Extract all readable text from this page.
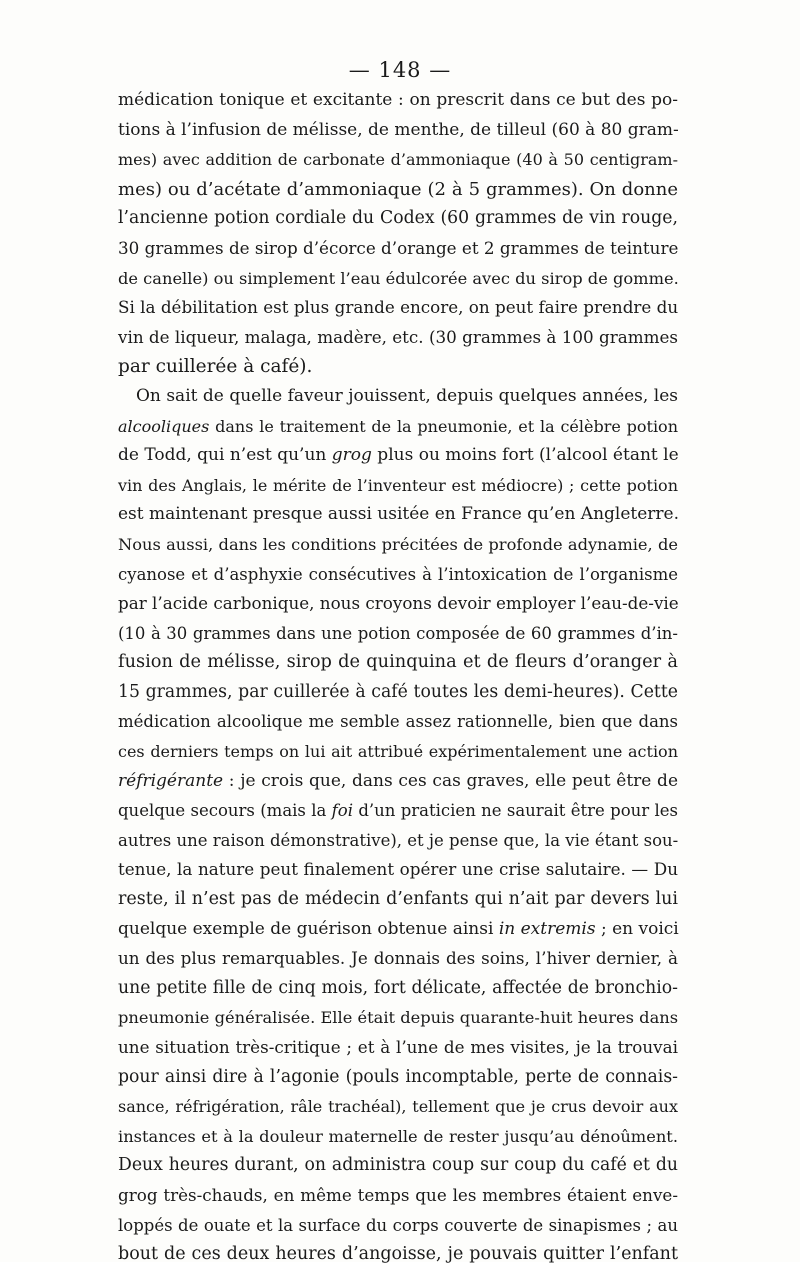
— 148 —
médication tonique et excitante : on prescrit dans ce but des po-
tions à l’infusion de mélisse, de menthe, de tilleul (60 à 80 gram-
mes) avec addition de carbonate d’ammoniaque (40 à 50 centigram-
mes) ou d’acétate d’ammoniaque (2 à 5 grammes). On donne
l’ancienne potion cordiale du Codex (60 grammes de vin rouge,
30 grammes de sirop d’écorce d’orange et 2 grammes de teinture
de canelle) ou simplement l’eau édulcorée avec du sirop de gomme.
Si la débilitation est plus grande encore, on peut faire prendre du
vin de liqueur, malaga, madère, etc. (30 grammes à 100 grammes
par cuillerée à café).
On sait de quelle faveur jouissent, depuis quelques années, les
alcooliques dans le traitement de la pneumonie, et la célèbre potion
de Todd, qui n’est qu’un grog plus ou moins fort (l’alcool étant le
vin des Anglais, le mérite de l’inventeur est médiocre) ; cette potion
est maintenant presque aussi usitée en France qu’en Angleterre.
Nous aussi, dans les conditions précitées de profonde adynamie, de
cyanose et d’asphyxie consécutives à l’intoxication de l’organisme
par l’acide carbonique, nous croyons devoir employer l’eau-de-vie
(10 à 30 grammes dans une potion composée de 60 grammes d’in-
fusion de mélisse, sirop de quinquina et de fleurs d’oranger à
15 grammes, par cuillerée à café toutes les demi-heures). Cette
médication alcoolique me semble assez rationnelle, bien que dans
ces derniers temps on lui ait attribué expérimentalement une action
réfrigérante : je crois que, dans ces cas graves, elle peut être de
quelque secours (mais la foi d’un praticien ne saurait être pour les
autres une raison démonstrative), et je pense que, la vie étant sou-
tenue, la nature peut finalement opérer une crise salutaire. — Du
reste, il n’est pas de médecin d’enfants qui n’ait par devers lui
quelque exemple de guérison obtenue ainsi in extremis ; en voici
un des plus remarquables. Je donnais des soins, l’hiver dernier, à
une petite fille de cinq mois, fort délicate, affectée de bronchio-
pneumonie généralisée. Elle était depuis quarante-huit heures dans
une situation très-critique ; et à l’une de mes visites, je la trouvai
pour ainsi dire à l’agonie (pouls incomptable, perte de connais-
sance, réfrigération, râle trachéal), tellement que je crus devoir aux
instances et à la douleur maternelle de rester jusqu’au dénoûment.
Deux heures durant, on administra coup sur coup du café et du
grog très-chauds, en même temps que les membres étaient enve-
loppés de ouate et la surface du corps couverte de sinapismes ; au
bout de ces deux heures d’angoisse, je pouvais quitter l’enfant
